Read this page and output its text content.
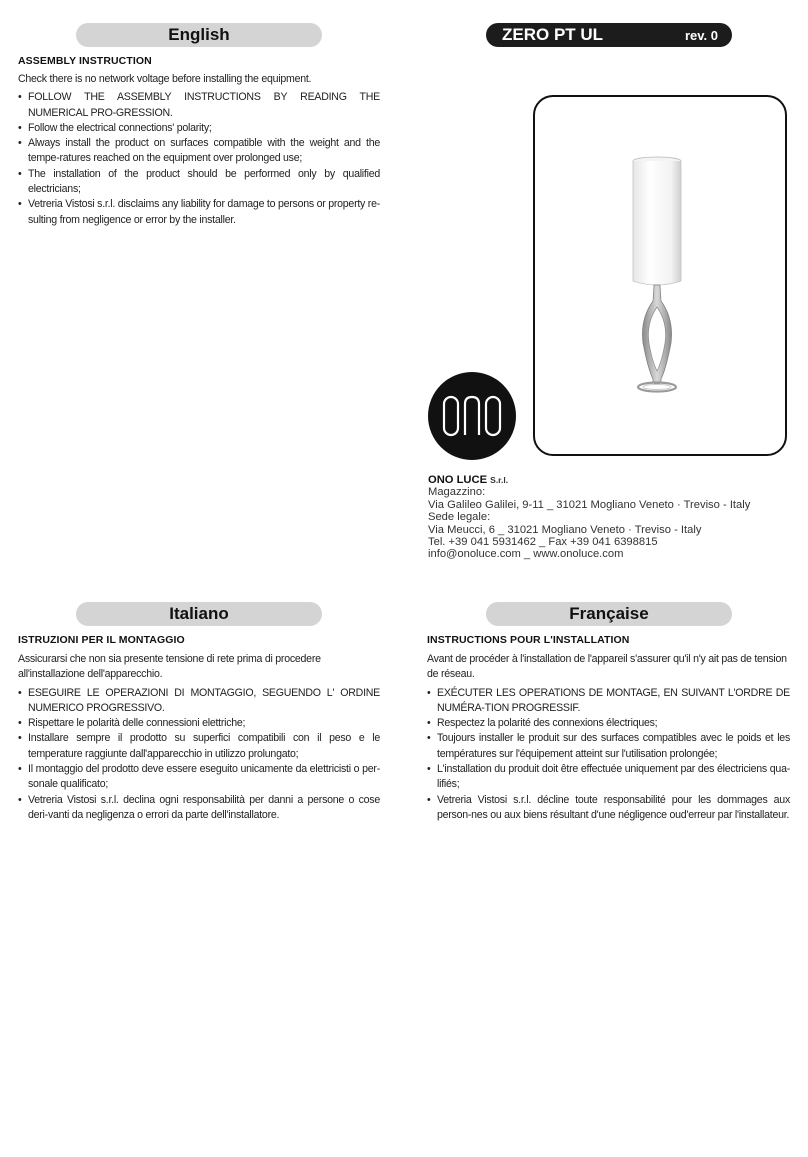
English	ZERO PT UL	rev. 0
ASSEMBLY INSTRUCTION
Check there is no network voltage before installing the equipment.
• FOLLOW THE ASSEMBLY INSTRUCTIONS BY READING THE NUMERICAL PRO-GRESSION.
• Follow the electrical connections' polarity;
• Always install the product on surfaces compatible with the weight and the tempe-ratures reached on the equipment over prolonged use;
• The installation of the product should be performed only by qualified electricians;
• Vetreria Vistosi s.r.l. disclaims any liability for damage to persons or property re-sulting from negligence or error by the installer.
ONO LUCE S.r.l.
Magazzino:
Via Galileo Galilei, 9-11 _ 31021 Mogliano Veneto · Treviso - Italy
Sede legale:
Via Meucci, 6 _ 31021 Mogliano Veneto · Treviso - Italy
Tel. +39 041 5931462 _ Fax +39 041 6398815
info@onoluce.com _ www.onoluce.com
Italiano	Française
ISTRUZIONI PER IL MONTAGGIO
Assicurarsi che non sia presente tensione di rete prima di procedere all'installazione dell'apparecchio.
• ESEGUIRE LE OPERAZIONI DI MONTAGGIO, SEGUENDO L' ORDINE NUMERICO PROGRESSIVO.
• Rispettare le polarità delle connessioni elettriche;
• Installare sempre il prodotto su superfici compatibili con il peso e le temperature raggiunte dall'apparecchio in utilizzo prolungato;
• Il montaggio del prodotto deve essere eseguito unicamente da elettricisti o per-sonale qualificato;
• Vetreria Vistosi s.r.l. declina ogni responsabilità per danni a persone o cose deri-vanti da negligenza o errori da parte dell'installatore.
INSTRUCTIONS POUR L'INSTALLATION
Avant de procéder à l'installation de l'appareil s'assurer qu'il n'y ait pas de tension de réseau.
• EXÉCUTER LES OPERATIONS DE MONTAGE, EN SUIVANT L'ORDRE DE NUMÉRA-TION PROGRESSIF.
• Respectez la polarité des connexions électriques;
• Toujours installer le produit sur des surfaces compatibles avec le poids et les températures sur l'équipement atteint sur l'utilisation prolongée;
• L'installation du produit doit être effectuée uniquement par des électriciens qua-lifiés;
• Vetreria Vistosi s.r.l. décline toute responsabilité pour les dommages aux person-nes ou aux biens résultant d'une négligence oud'erreur par l'installateur.
